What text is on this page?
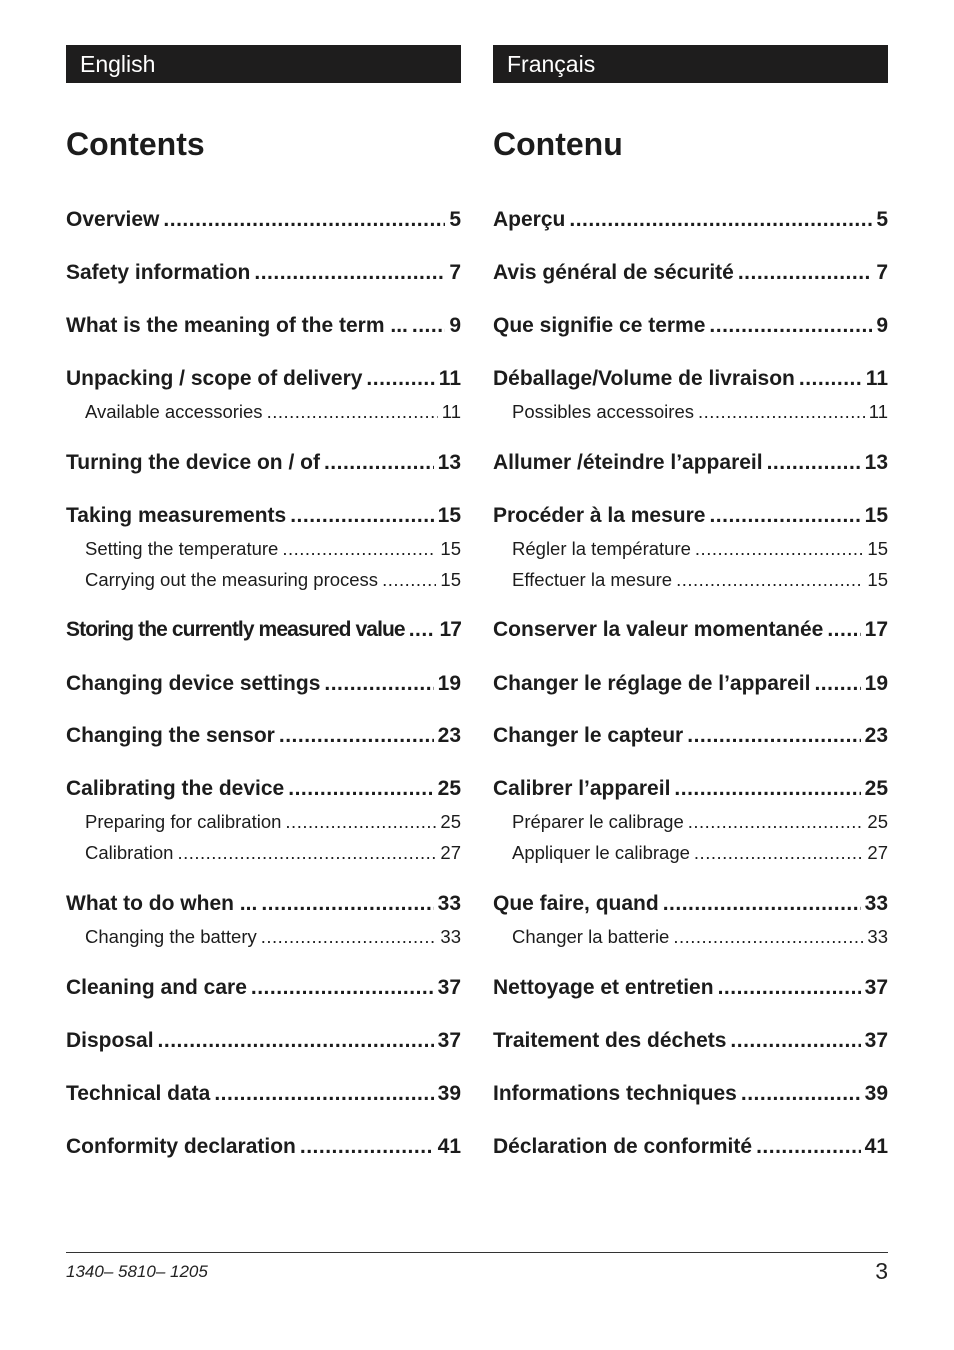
English
Contents
Overview .....	5
Safety information .....	7
What is the meaning of the term ... ..... 9
Unpacking / scope of delivery .....	11
Available accessories .....	11
Turning the device on / of .....	13
Taking measurements .....	15
Setting the temperature .....	15
Carrying out the measuring process .....	15
Storing the currently measured value ..... 17
Changing device settings .....	19
Changing the sensor .....	23
Calibrating the device .....	25
Preparing for calibration .....	25
Calibration .....	27
What to do when ... .....	33
Changing the battery .....	33
Cleaning and care .....	37
Disposal .....	37
Technical data .....	39
Conformity declaration .....	41
Français
Contenu
Aperçu .....	5
Avis général de sécurité .....	7
Que signifie ce terme .....	9
Déballage/Volume de livraison .....	11
Possibles accessoires .....	11
Allumer /éteindre l’appareil .....	13
Procéder à la mesure .....	15
Régler la température .....	15
Effectuer la mesure .....	15
Conserver la valeur momentanée ..... 17
Changer le réglage de l’appareil .....	19
Changer le capteur .....	23
Calibrer l’appareil .....	25
Préparer le calibrage .....	25
Appliquer le calibrage .....	27
Que faire, quand .....	33
Changer la batterie .....	33
Nettoyage et entretien .....	37
Traitement des déchets .....	37
Informations techniques .....	39
Déclaration de conformité .....	41
1340– 5810– 1205	3
